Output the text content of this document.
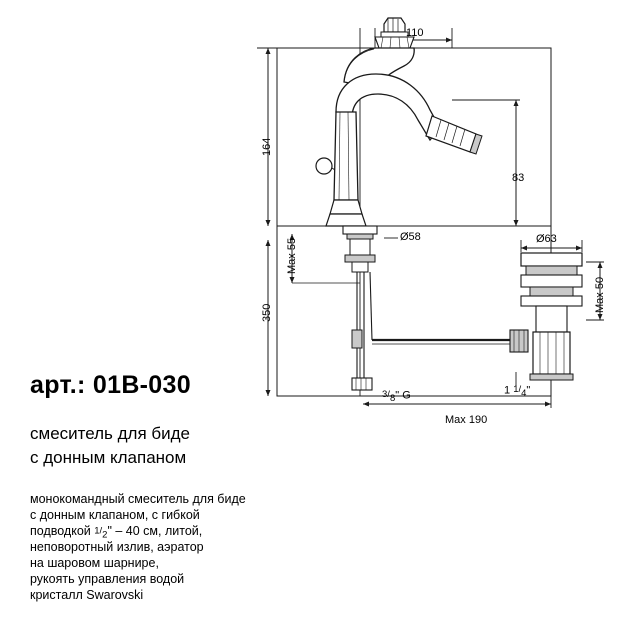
110
164
83
Max 55
Ø58
350
Ø63
Max 50
1 1/4"
3/8" G
Max 190
арт.: 01B-030
смеситель для биде
с донным клапаном
монокомандный смеситель для биде
с донным клапаном, с гибкой
подводкой 1/2" – 40 см, литой,
неповоротный излив, аэратор
на шаровом шарнире,
рукоять управления водой
кристалл Swarovski
